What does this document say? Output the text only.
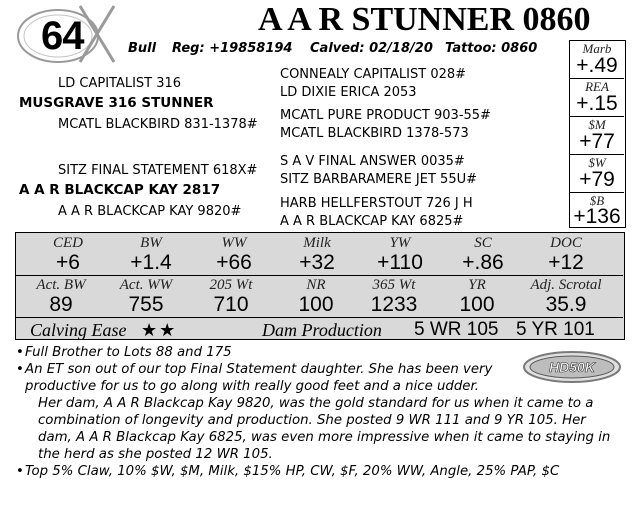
64	A A R STUNNER 0860
Bull Reg: +19858194 Calved: 02/18/20 Tattoo: 0860
LD CAPITALIST 316
MUSGRAVE 316 STUNNER
MCATL BLACKBIRD 831-1378#
CONNEALY CAPITALIST 028#
LD DIXIE ERICA 2053
MCATL PURE PRODUCT 903-55#
MCATL BLACKBIRD 1378-573
SITZ FINAL STATEMENT 618X#
A A R BLACKCAP KAY 2817
A A R BLACKCAP KAY 9820#
S A V FINAL ANSWER 0035#
SITZ BARBARAMERE JET 55U#
HARB HELLFERSTOUT 726 J H
A A R BLACKCAP KAY 6825#
Marb
+.49
REA
+.15
$M
+77
$W
+79
$B
+136
CED	BW	WW	Milk	YW	SC	DOC
+6	+1.4	+66	+32	+110	+.86	+12
Act. BW	Act. WW	205 Wt	NR	365 Wt	YR	Adj. Scrotal
89	755	710	100	1233	100	35.9
Calving Ease ★★	Dam Production 5 WR 105 5 YR 101
HD50K
• Full Brother to Lots 88 and 175
• An ET son out of our top Final Statement daughter. She has been very productive for us to go along with really good feet and a nice udder.
Her dam, A A R Blackcap Kay 9820, was the gold standard for us when it came to a combination of longevity and production. She posted 9 WR 111 and 9 YR 105. Her dam, A A R Blackcap Kay 6825, was even more impressive when it came to staying in the herd as she posted 12 WR 105.
• Top 5% Claw, 10% $W, $M, Milk, $15% HP, CW, $F, 20% WW, Angle, 25% PAP, $C
